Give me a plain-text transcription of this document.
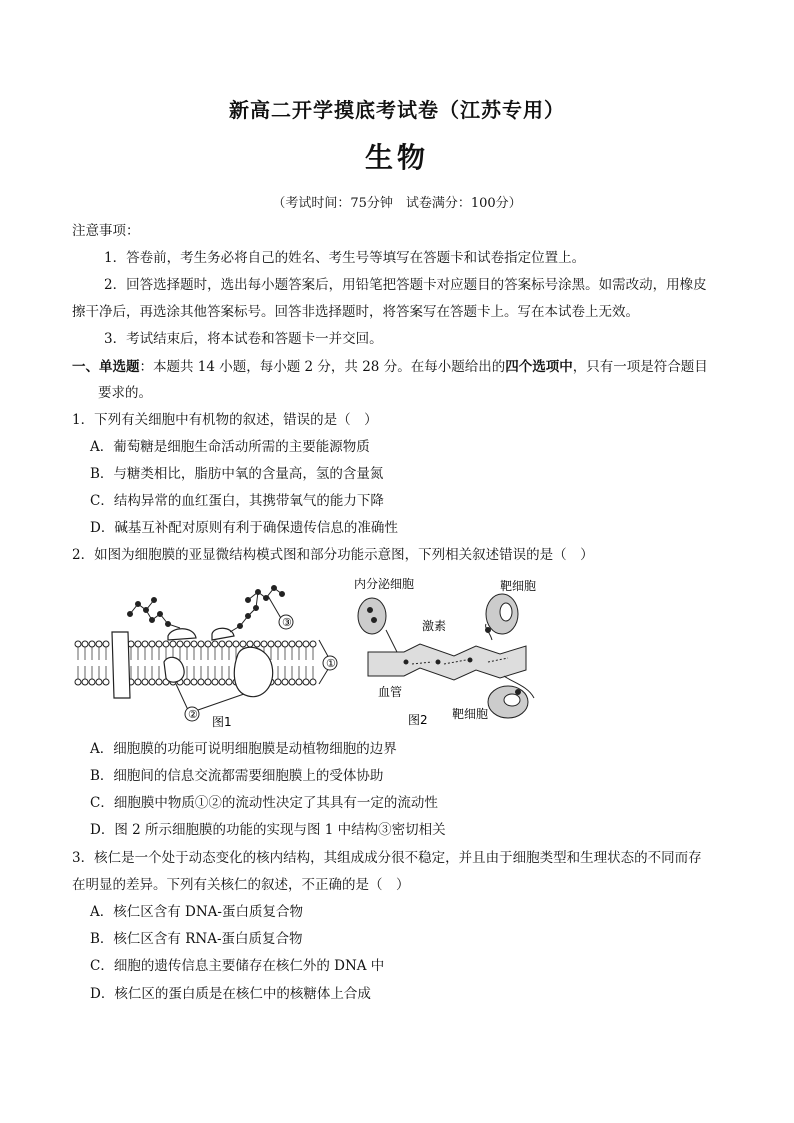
新高二开学摸底考试卷（江苏专用）
生物
（考试时间：75分钟　试卷满分：100分）
注意事项：
1．答卷前，考生务必将自己的姓名、考生号等填写在答题卡和试卷指定位置上。
2．回答选择题时，选出每小题答案后，用铅笔把答题卡对应题目的答案标号涂黑。如需改动，用橡皮
擦干净后，再选涂其他答案标号。回答非选择题时，将答案写在答题卡上。写在本试卷上无效。
3．考试结束后，将本试卷和答题卡一并交回。
一、单选题：本题共 14 小题，每小题 2 分，共 28 分。在每小题给出的四个选项中，只有一项是符合题目
要求的。
1．下列有关细胞中有机物的叙述，错误的是（　）
A．葡萄糖是细胞生命活动所需的主要能源物质
B．与糖类相比，脂肪中氧的含量高，氢的含量氮
C．结构异常的血红蛋白，其携带氧气的能力下降
D．碱基互补配对原则有利于确保遗传信息的准确性
2．如图为细胞膜的亚显微结构模式图和部分功能示意图，下列相关叙述错误的是（　）
①
②
③
图1
内分泌细胞	靶细胞
激素
血管
靶细胞
图2
A．细胞膜的功能可说明细胞膜是动植物细胞的边界
B．细胞间的信息交流都需要细胞膜上的受体协助
C．细胞膜中物质①②的流动性决定了其具有一定的流动性
D．图 2 所示细胞膜的功能的实现与图 1 中结构③密切相关
3．核仁是一个处于动态变化的核内结构，其组成成分很不稳定，并且由于细胞类型和生理状态的不同而存
在明显的差异。下列有关核仁的叙述，不正确的是（　）
A．核仁区含有 DNA-蛋白质复合物
B．核仁区含有 RNA-蛋白质复合物
C．细胞的遗传信息主要储存在核仁外的 DNA 中
D．核仁区的蛋白质是在核仁中的核糖体上合成
